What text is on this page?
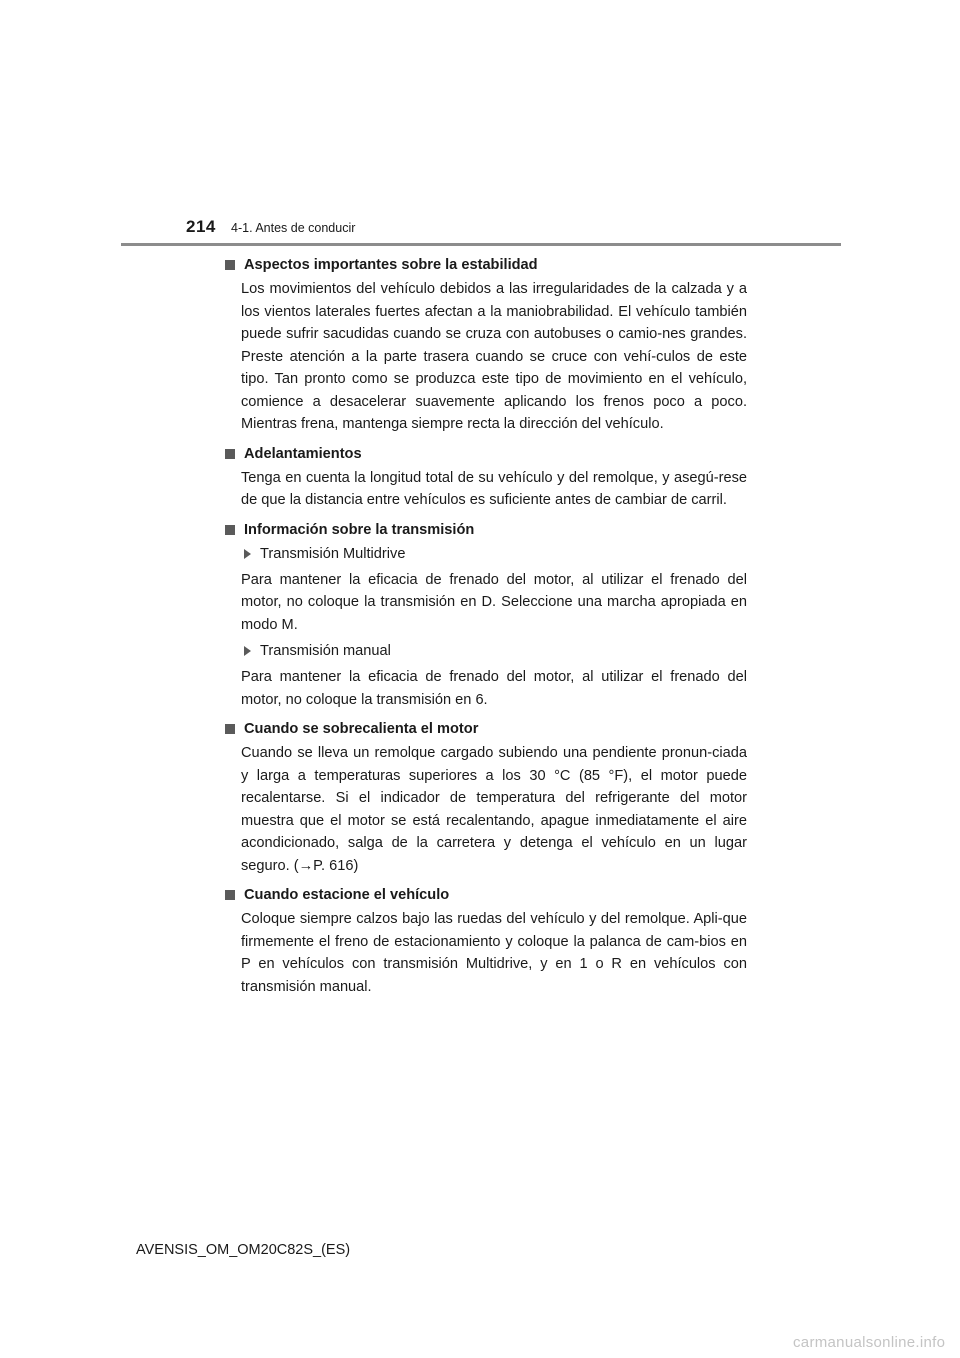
214 4-1. Antes de conducir
Aspectos importantes sobre la estabilidad

Los movimientos del vehículo debidos a las irregularidades de la calzada y a los vientos laterales fuertes afectan a la maniobrabilidad. El vehículo también puede sufrir sacudidas cuando se cruza con autobuses o camio-nes grandes. Preste atención a la parte trasera cuando se cruce con vehí-culos de este tipo. Tan pronto como se produzca este tipo de movimiento en el vehículo, comience a desacelerar suavemente aplicando los frenos poco a poco. Mientras frena, mantenga siempre recta la dirección del vehículo.

Adelantamientos

Tenga en cuenta la longitud total de su vehículo y del remolque, y asegú-rese de que la distancia entre vehículos es suficiente antes de cambiar de carril.

Información sobre la transmisión
Transmisión Multidrive

Para mantener la eficacia de frenado del motor, al utilizar el frenado del motor, no coloque la transmisión en D. Seleccione una marcha apropiada en modo M.

Transmisión manual

Para mantener la eficacia de frenado del motor, al utilizar el frenado del motor, no coloque la transmisión en 6.

Cuando se sobrecalienta el motor

Cuando se lleva un remolque cargado subiendo una pendiente pronun-ciada y larga a temperaturas superiores a los 30 °C (85 °F), el motor puede recalentarse. Si el indicador de temperatura del refrigerante del motor muestra que el motor se está recalentando, apague inmediatamente el aire acondicionado, salga de la carretera y detenga el vehículo en un lugar seguro. (→P. 616)

Cuando estacione el vehículo

Coloque siempre calzos bajo las ruedas del vehículo y del remolque. Apli-que firmemente el freno de estacionamiento y coloque la palanca de cam-bios en P en vehículos con transmisión Multidrive, y en 1 o R en vehículos con transmisión manual.

AVENSIS_OM_OM20C82S_(ES)
carmanualsonline.info
